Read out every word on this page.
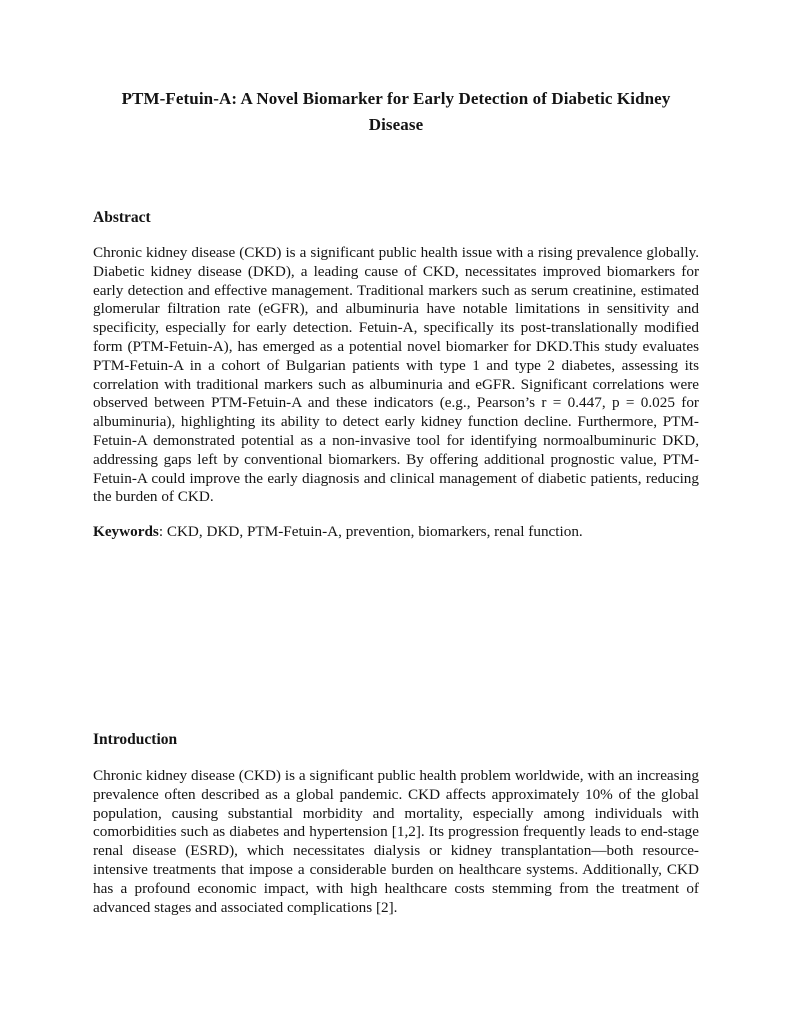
PTM-Fetuin-A: A Novel Biomarker for Early Detection of Diabetic Kidney Disease
Abstract

Chronic kidney disease (CKD) is a significant public health issue with a rising prevalence globally. Diabetic kidney disease (DKD), a leading cause of CKD, necessitates improved biomarkers for early detection and effective management. Traditional markers such as serum creatinine, estimated glomerular filtration rate (eGFR), and albuminuria have notable limitations in sensitivity and specificity, especially for early detection. Fetuin-A, specifically its post-translationally modified form (PTM-Fetuin-A), has emerged as a potential novel biomarker for DKD.This study evaluates PTM-Fetuin-A in a cohort of Bulgarian patients with type 1 and type 2 diabetes, assessing its correlation with traditional markers such as albuminuria and eGFR. Significant correlations were observed between PTM-Fetuin-A and these indicators (e.g., Pearson’s r = 0.447, p = 0.025 for albuminuria), highlighting its ability to detect early kidney function decline. Furthermore, PTM-Fetuin-A demonstrated potential as a non-invasive tool for identifying normoalbuminuric DKD, addressing gaps left by conventional biomarkers. By offering additional prognostic value, PTM-Fetuin-A could improve the early diagnosis and clinical management of diabetic patients, reducing the burden of CKD.

Keywords: CKD, DKD, PTM-Fetuin-A, prevention, biomarkers, renal function.

Introduction

Chronic kidney disease (CKD) is a significant public health problem worldwide, with an increasing prevalence often described as a global pandemic. CKD affects approximately 10% of the global population, causing substantial morbidity and mortality, especially among individuals with comorbidities such as diabetes and hypertension [1,2]. Its progression frequently leads to end-stage renal disease (ESRD), which necessitates dialysis or kidney transplantation—both resource-intensive treatments that impose a considerable burden on healthcare systems. Additionally, CKD has a profound economic impact, with high healthcare costs stemming from the treatment of advanced stages and associated complications [2].
